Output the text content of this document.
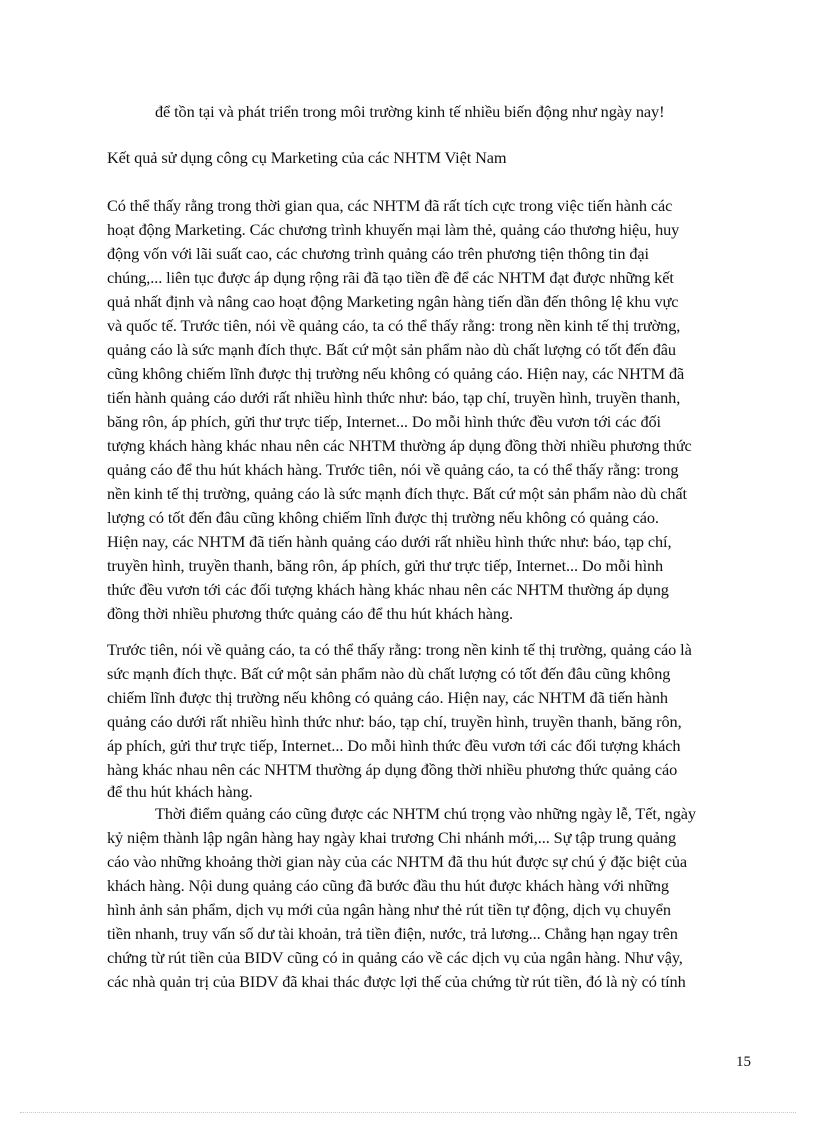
để tồn tại và phát triển trong môi trường kinh tế nhiều biến động như ngày nay!
Kết quả sử dụng công cụ Marketing của các NHTM Việt Nam
Có thể thấy rằng trong thời gian qua, các NHTM đã rất tích cực trong việc tiến hành các
hoạt động Marketing. Các chương trình khuyến mại làm thẻ, quảng cáo thương hiệu, huy
động vốn với lãi suất cao, các chương trình quảng cáo trên phương tiện thông tin đại
chúng,... liên tục được áp dụng rộng rãi đã tạo tiền đề để các NHTM đạt được những kết
quả nhất định và nâng cao hoạt động Marketing ngân hàng tiến dần đến thông lệ khu vực
và quốc tế. Trước tiên, nói về quảng cáo, ta có thể thấy rằng: trong nền kinh tế thị trường,
quảng cáo là sức mạnh đích thực. Bất cứ một sản phẩm nào dù chất lượng có tốt đến đâu
cũng không chiếm lĩnh được thị trường nếu không có quảng cáo. Hiện nay, các NHTM đã
tiến hành quảng cáo dưới rất nhiều hình thức như: báo, tạp chí, truyền hình, truyền thanh,
băng rôn, áp phích, gửi thư trực tiếp, Internet... Do mỗi hình thức đều vươn tới các đối
tượng khách hàng khác nhau nên các NHTM thường áp dụng đồng thời nhiều phương thức
quảng cáo để thu hút khách hàng. Trước tiên, nói về quảng cáo, ta có thể thấy rằng: trong
nền kinh tế thị trường, quảng cáo là sức mạnh đích thực. Bất cứ một sản phẩm nào dù chất
lượng có tốt đến đâu cũng không chiếm lĩnh được thị trường nếu không có quảng cáo.
Hiện nay, các NHTM đã tiến hành quảng cáo dưới rất nhiều hình thức như: báo, tạp chí,
truyền hình, truyền thanh, băng rôn, áp phích, gửi thư trực tiếp, Internet... Do mỗi hình
thức đều vươn tới các đối tượng khách hàng khác nhau nên các NHTM thường áp dụng
đồng thời nhiều phương thức quảng cáo để thu hút khách hàng.
Trước tiên, nói về quảng cáo, ta có thể thấy rằng: trong nền kinh tế thị trường, quảng cáo là
sức mạnh đích thực. Bất cứ một sản phẩm nào dù chất lượng có tốt đến đâu cũng không
chiếm lĩnh được thị trường nếu không có quảng cáo. Hiện nay, các NHTM đã tiến hành
quảng cáo dưới rất nhiều hình thức như: báo, tạp chí, truyền hình, truyền thanh, băng rôn,
áp phích, gửi thư trực tiếp, Internet... Do mỗi hình thức đều vươn tới các đối tượng khách
hàng khác nhau nên các NHTM thường áp dụng đồng thời nhiều phương thức quảng cáo
để thu hút khách hàng.
Thời điểm quảng cáo cũng được các NHTM chú trọng vào những ngày lễ, Tết, ngày
kỷ niệm thành lập ngân hàng hay ngày khai trương Chi nhánh mới,... Sự tập trung quảng
cáo vào những khoảng thời gian này của các NHTM đã thu hút được sự chú ý đặc biệt của
khách hàng. Nội dung quảng cáo cũng đã bước đầu thu hút được khách hàng với những
hình ảnh sản phẩm, dịch vụ mới của ngân hàng như thẻ rút tiền tự động, dịch vụ chuyển
tiền nhanh, truy vấn số dư tài khoản, trả tiền điện, nước, trả lương... Chẳng hạn ngay trên
chứng từ rút tiền của BIDV cũng có in quảng cáo về các dịch vụ của ngân hàng. Như vậy,
các nhà quản trị của BIDV đã khai thác được lợi thế của chứng từ rút tiền, đó là nỳ có tính
15
